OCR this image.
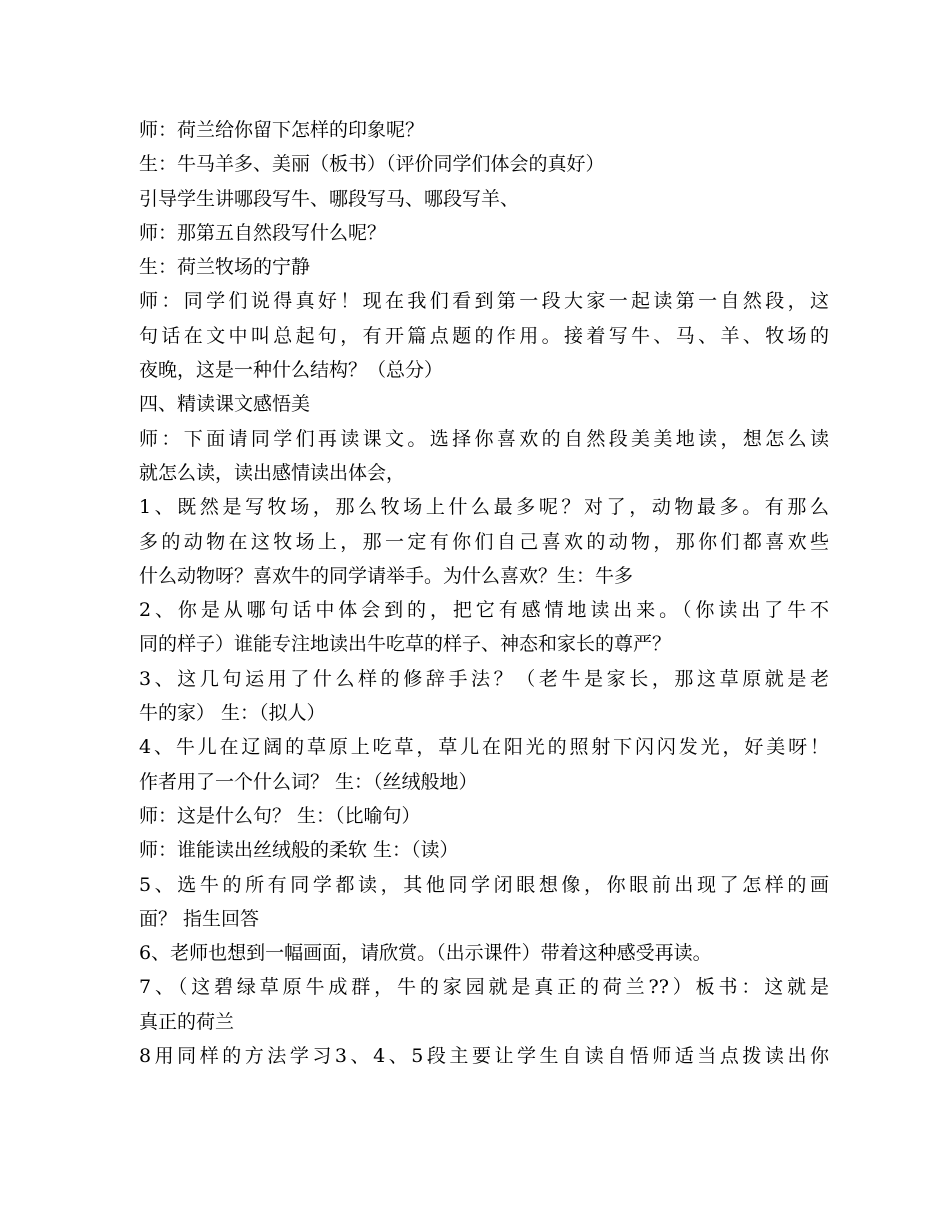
师：荷兰给你留下怎样的印象呢？
生：牛马羊多、美丽（板书）（评价同学们体会的真好）
引导学生讲哪段写牛、哪段写马、哪段写羊、
师：那第五自然段写什么呢？
生：荷兰牧场的宁静
师：同学们说得真好！现在我们看到第一段大家一起读第一自然段，这
句话在文中叫总起句，有开篇点题的作用。接着写牛、马、羊、牧场的
夜晚，这是一种什么结构？（总分）
四、精读课文感悟美
师：下面请同学们再读课文。选择你喜欢的自然段美美地读，想怎么读
就怎么读，读出感情读出体会，
1、既然是写牧场，那么牧场上什么最多呢？对了，动物最多。有那么
多的动物在这牧场上，那一定有你们自己喜欢的动物，那你们都喜欢些
什么动物呀？喜欢牛的同学请举手。为什么喜欢？生：牛多
2、你是从哪句话中体会到的，把它有感情地读出来。（你读出了牛不
同的样子）谁能专注地读出牛吃草的样子、神态和家长的尊严？
3、这几句运用了什么样的修辞手法？（老牛是家长，那这草原就是老
牛的家） 生：（拟人）
4、牛儿在辽阔的草原上吃草，草儿在阳光的照射下闪闪发光，好美呀！
作者用了一个什么词？ 生：（丝绒般地）
师：这是什么句？ 生：（比喻句）
师：谁能读出丝绒般的柔软 生：（读）
5、选牛的所有同学都读，其他同学闭眼想像，你眼前出现了怎样的画
面？ 指生回答
6、老师也想到一幅画面，请欣赏。（出示课件）带着这种感受再读。
7、（这碧绿草原牛成群，牛的家园就是真正的荷兰??）板书：这就是
真正的荷兰
8用同样的方法学习3、4、5段主要让学生自读自悟师适当点拨读出你
